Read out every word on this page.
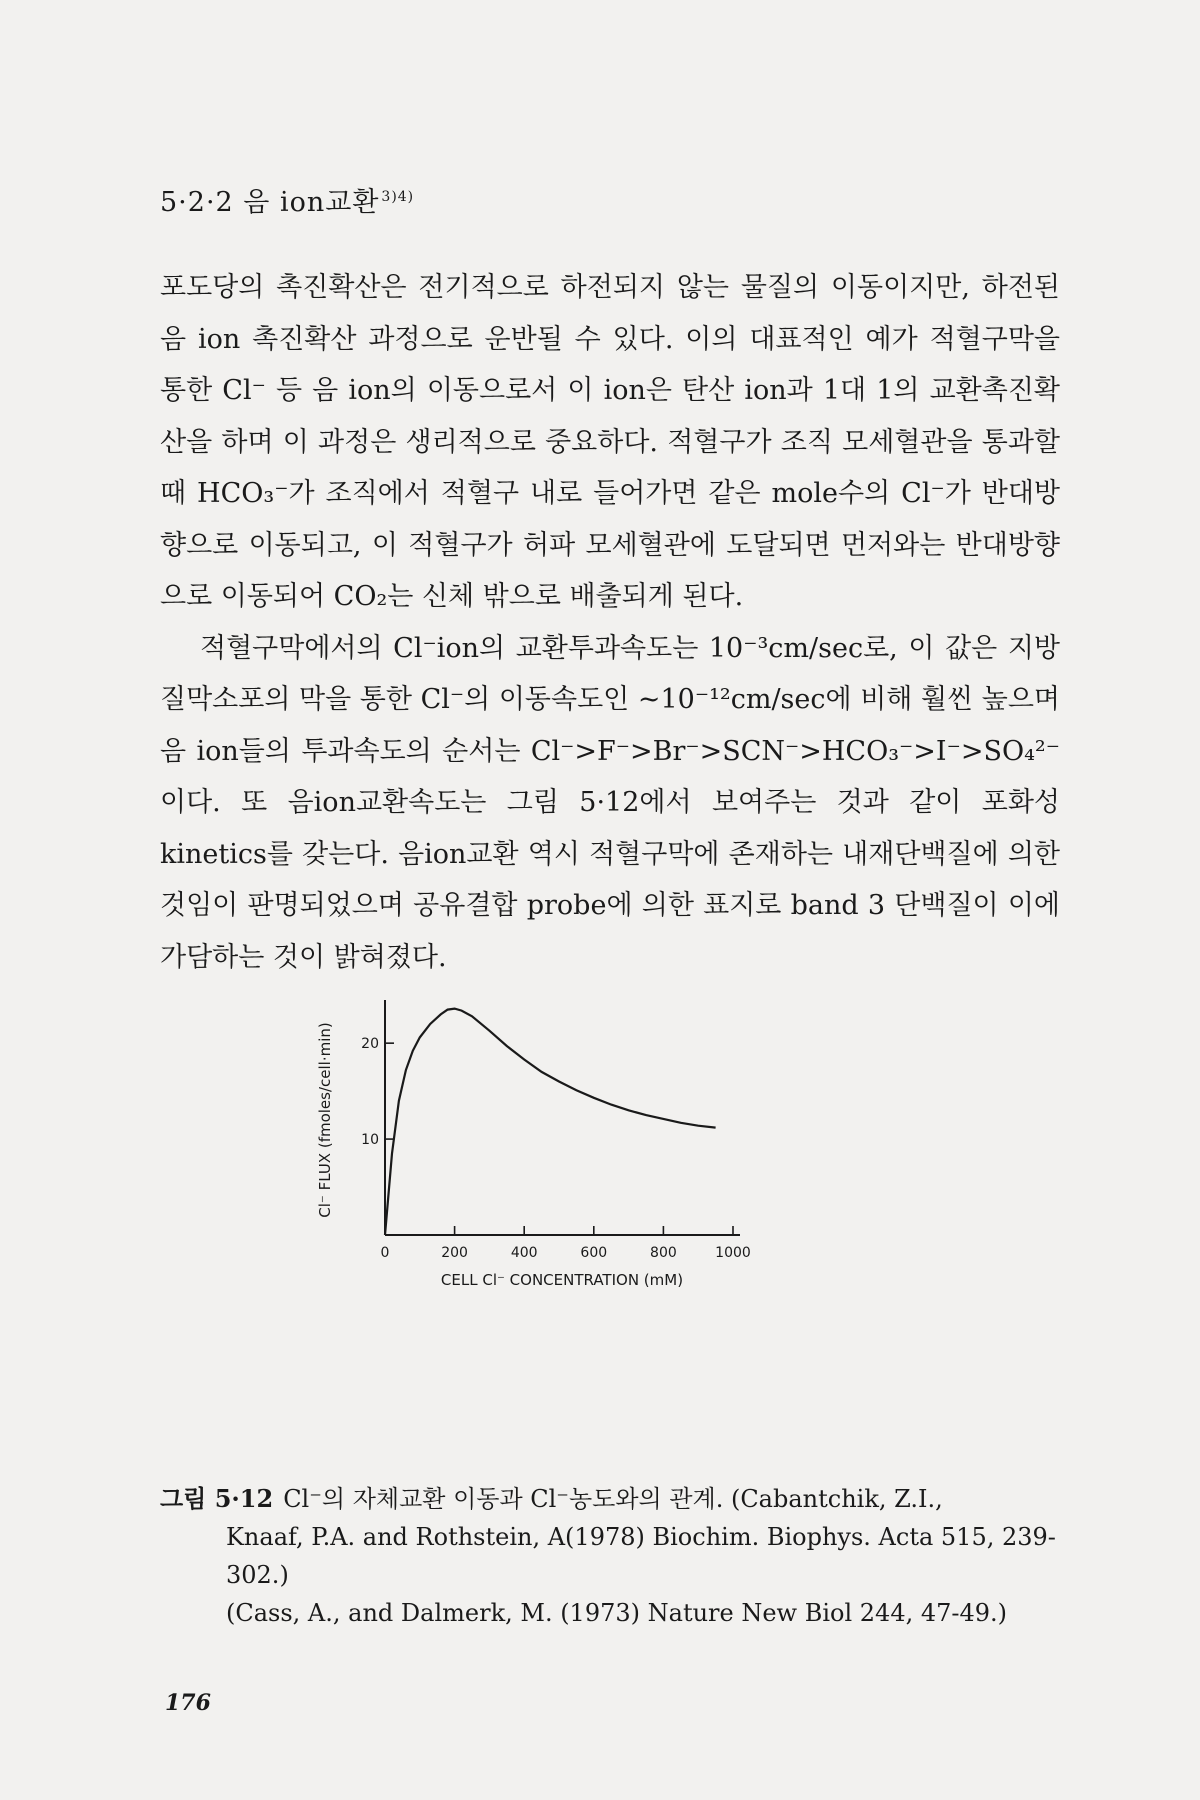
5·2·2 음 ion교환 $^{3)4)}$

포도당의 촉진확산은 전기적으로 하전되지 않는 물질의 이동이지만, 하전된 음 ion 촉진확산 과정으로 운반될 수 있다. 이의 대표적인 예가 적혈구막을 통한 Cl⁻ 등 음 ion의 이동으로서 이 ion은 탄산 ion과 1대 1의 교환촉진확산을 하며 이 과정은 생리적으로 중요하다. 적혈구가 조직 모세혈관을 통과할 때 HCO₃⁻가 조직에서 적혈구 내로 들어가면 같은 mole수의 Cl⁻가 반대방향으로 이동되고, 이 적혈구가 허파 모세혈관에 도달되면 먼저와는 반대방향으로 이동되어 CO₂는 신체 밖으로 배출되게 된다.

적혈구막에서의 Cl⁻ion의 교환투과속도는 10⁻³cm/sec로, 이 값은 지방질막소포의 막을 통한 Cl⁻의 이동속도인 ~10⁻¹²cm/sec에 비해 훨씬 높으며 음 ion들의 투과속도의 순서는 Cl⁻>F⁻>Br⁻>SCN⁻>HCO₃⁻>I⁻>SO₄²⁻이다. 또 음ion교환속도는 그림 5·12에서 보여주는 것과 같이 포화성kinetics를 갖는다. 음ion교환 역시 적혈구막에 존재하는 내재단백질에 의한 것임이 판명되었으며 공유결합 probe에 의한 표지로 band 3 단백질이 이에 가담하는 것이 밝혀졌다.

0	200	400	600	800	1000
10
20
CELL Cl⁻ CONCENTRATION (mM)
Cl⁻ FLUX (fmoles/cell·min)
그림 5·12 Cl⁻의 자체교환 이동과 Cl⁻농도와의 관계. (Cabantchik, Z.I.,
Knaaf, P.A. and Rothstein, A(1978) Biochim. Biophys. Acta 515, 239-302.)
(Cass, A., and Dalmerk, M. (1973) Nature New Biol 244, 47-49.)
176
